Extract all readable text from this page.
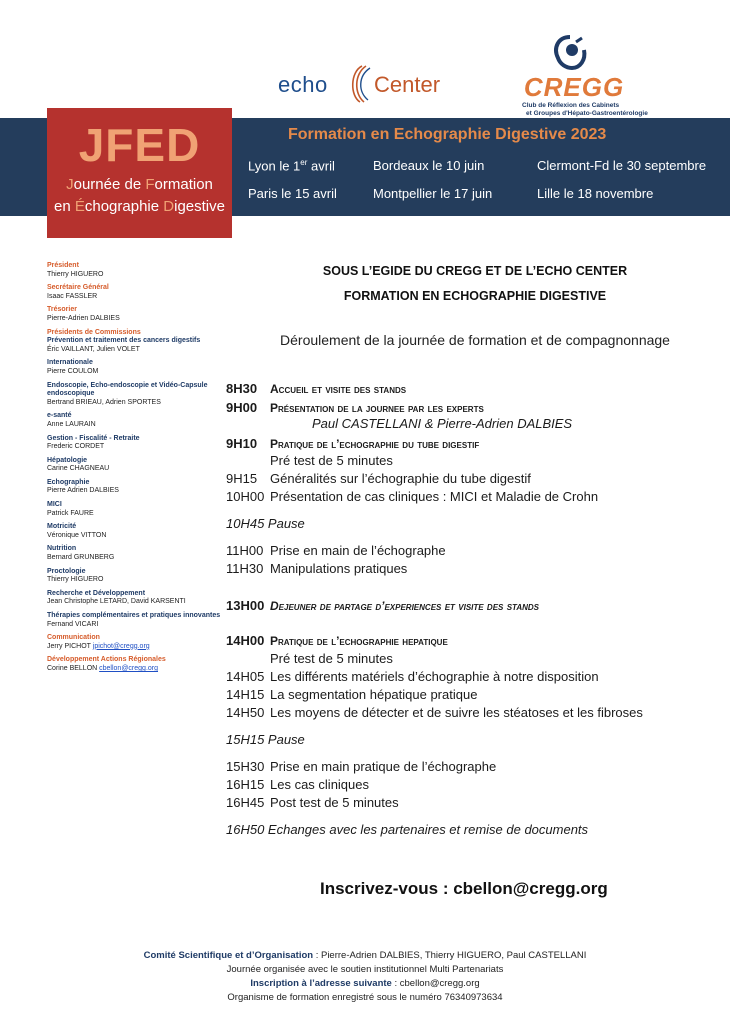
echo Center	CREGG
Club de Réflexion des Cabinets
et Groupes d'Hépato-Gastroentérologie
JFED
Journée de Formation
en Échographie Digestive
Formation en Echographie Digestive 2023
Lyon le 1er avril	Bordeaux le 10 juin	Clermont-Fd le 30 septembre
Paris le 15 avril	Montpellier le 17 juin	Lille le 18 novembre
Président
Thierry HIGUERO
Secrétaire Général
Isaac FASSLER
Trésorier
Pierre-Adrien DALBIES
Présidents de Commissions
Prévention et traitement des cancers digestifs
Éric VAILLANT, Julien VOLET
Internationale
Pierre COULOM
Endoscopie, Echo-endoscopie et Vidéo-Capsule endoscopique
Bertrand BRIEAU, Adrien SPORTES
e-santé
Anne LAURAIN
Gestion - Fiscalité - Retraite
Frederic CORDET
Hépatologie
Carine CHAGNEAU
Echographie
Pierre Adrien DALBIES
MICI
Patrick FAURE
Motricité
Véronique VITTON
Nutrition
Bernard GRUNBERG
Proctologie
Thierry HIGUERO
Recherche et Développement
Jean Christophe LETARD, David KARSENTI
Thérapies complémentaires et pratiques innovantes
Fernand VICARI
Communication
Jerry PICHOT jpichot@cregg.org
Développement Actions Régionales
Corine BELLON cbellon@cregg.org
SOUS L’EGIDE DU CREGG ET DE L’ECHO CENTER
FORMATION EN ECHOGRAPHIE DIGESTIVE
Déroulement de la journée de formation et de compagnonnage
8H30 Accueil et visite des stands
9H00 Présentation de la journee par les experts
Paul CASTELLANI & Pierre-Adrien DALBIES
9H10 Pratique de l’echographie du tube digestif
Pré test de 5 minutes
9H15 Généralités sur l’échographie du tube digestif
10H00 Présentation de cas cliniques : MICI et Maladie de Crohn
10H45 Pause
11H00 Prise en main de l’échographe
11H30 Manipulations pratiques
13H00 Dejeuner de partage d’experiences et visite des stands
14H00 Pratique de l’echographie hepatique
Pré test de 5 minutes
14H05 Les différents matériels d’échographie à notre disposition
14H15 La segmentation hépatique pratique
14H50 Les moyens de détecter et de suivre les stéatoses et les fibroses
15H15 Pause
15H30 Prise en main pratique de l’échographe
16H15 Les cas cliniques
16H45 Post test de 5 minutes
16H50 Echanges avec les partenaires et remise de documents
Inscrivez-vous : cbellon@cregg.org
Comité Scientifique et d’Organisation : Pierre-Adrien DALBIES, Thierry HIGUERO, Paul CASTELLANI
Journée organisée avec le soutien institutionnel Multi Partenariats
Inscription à l’adresse suivante : cbellon@cregg.org
Organisme de formation enregistré sous le numéro 76340973634
